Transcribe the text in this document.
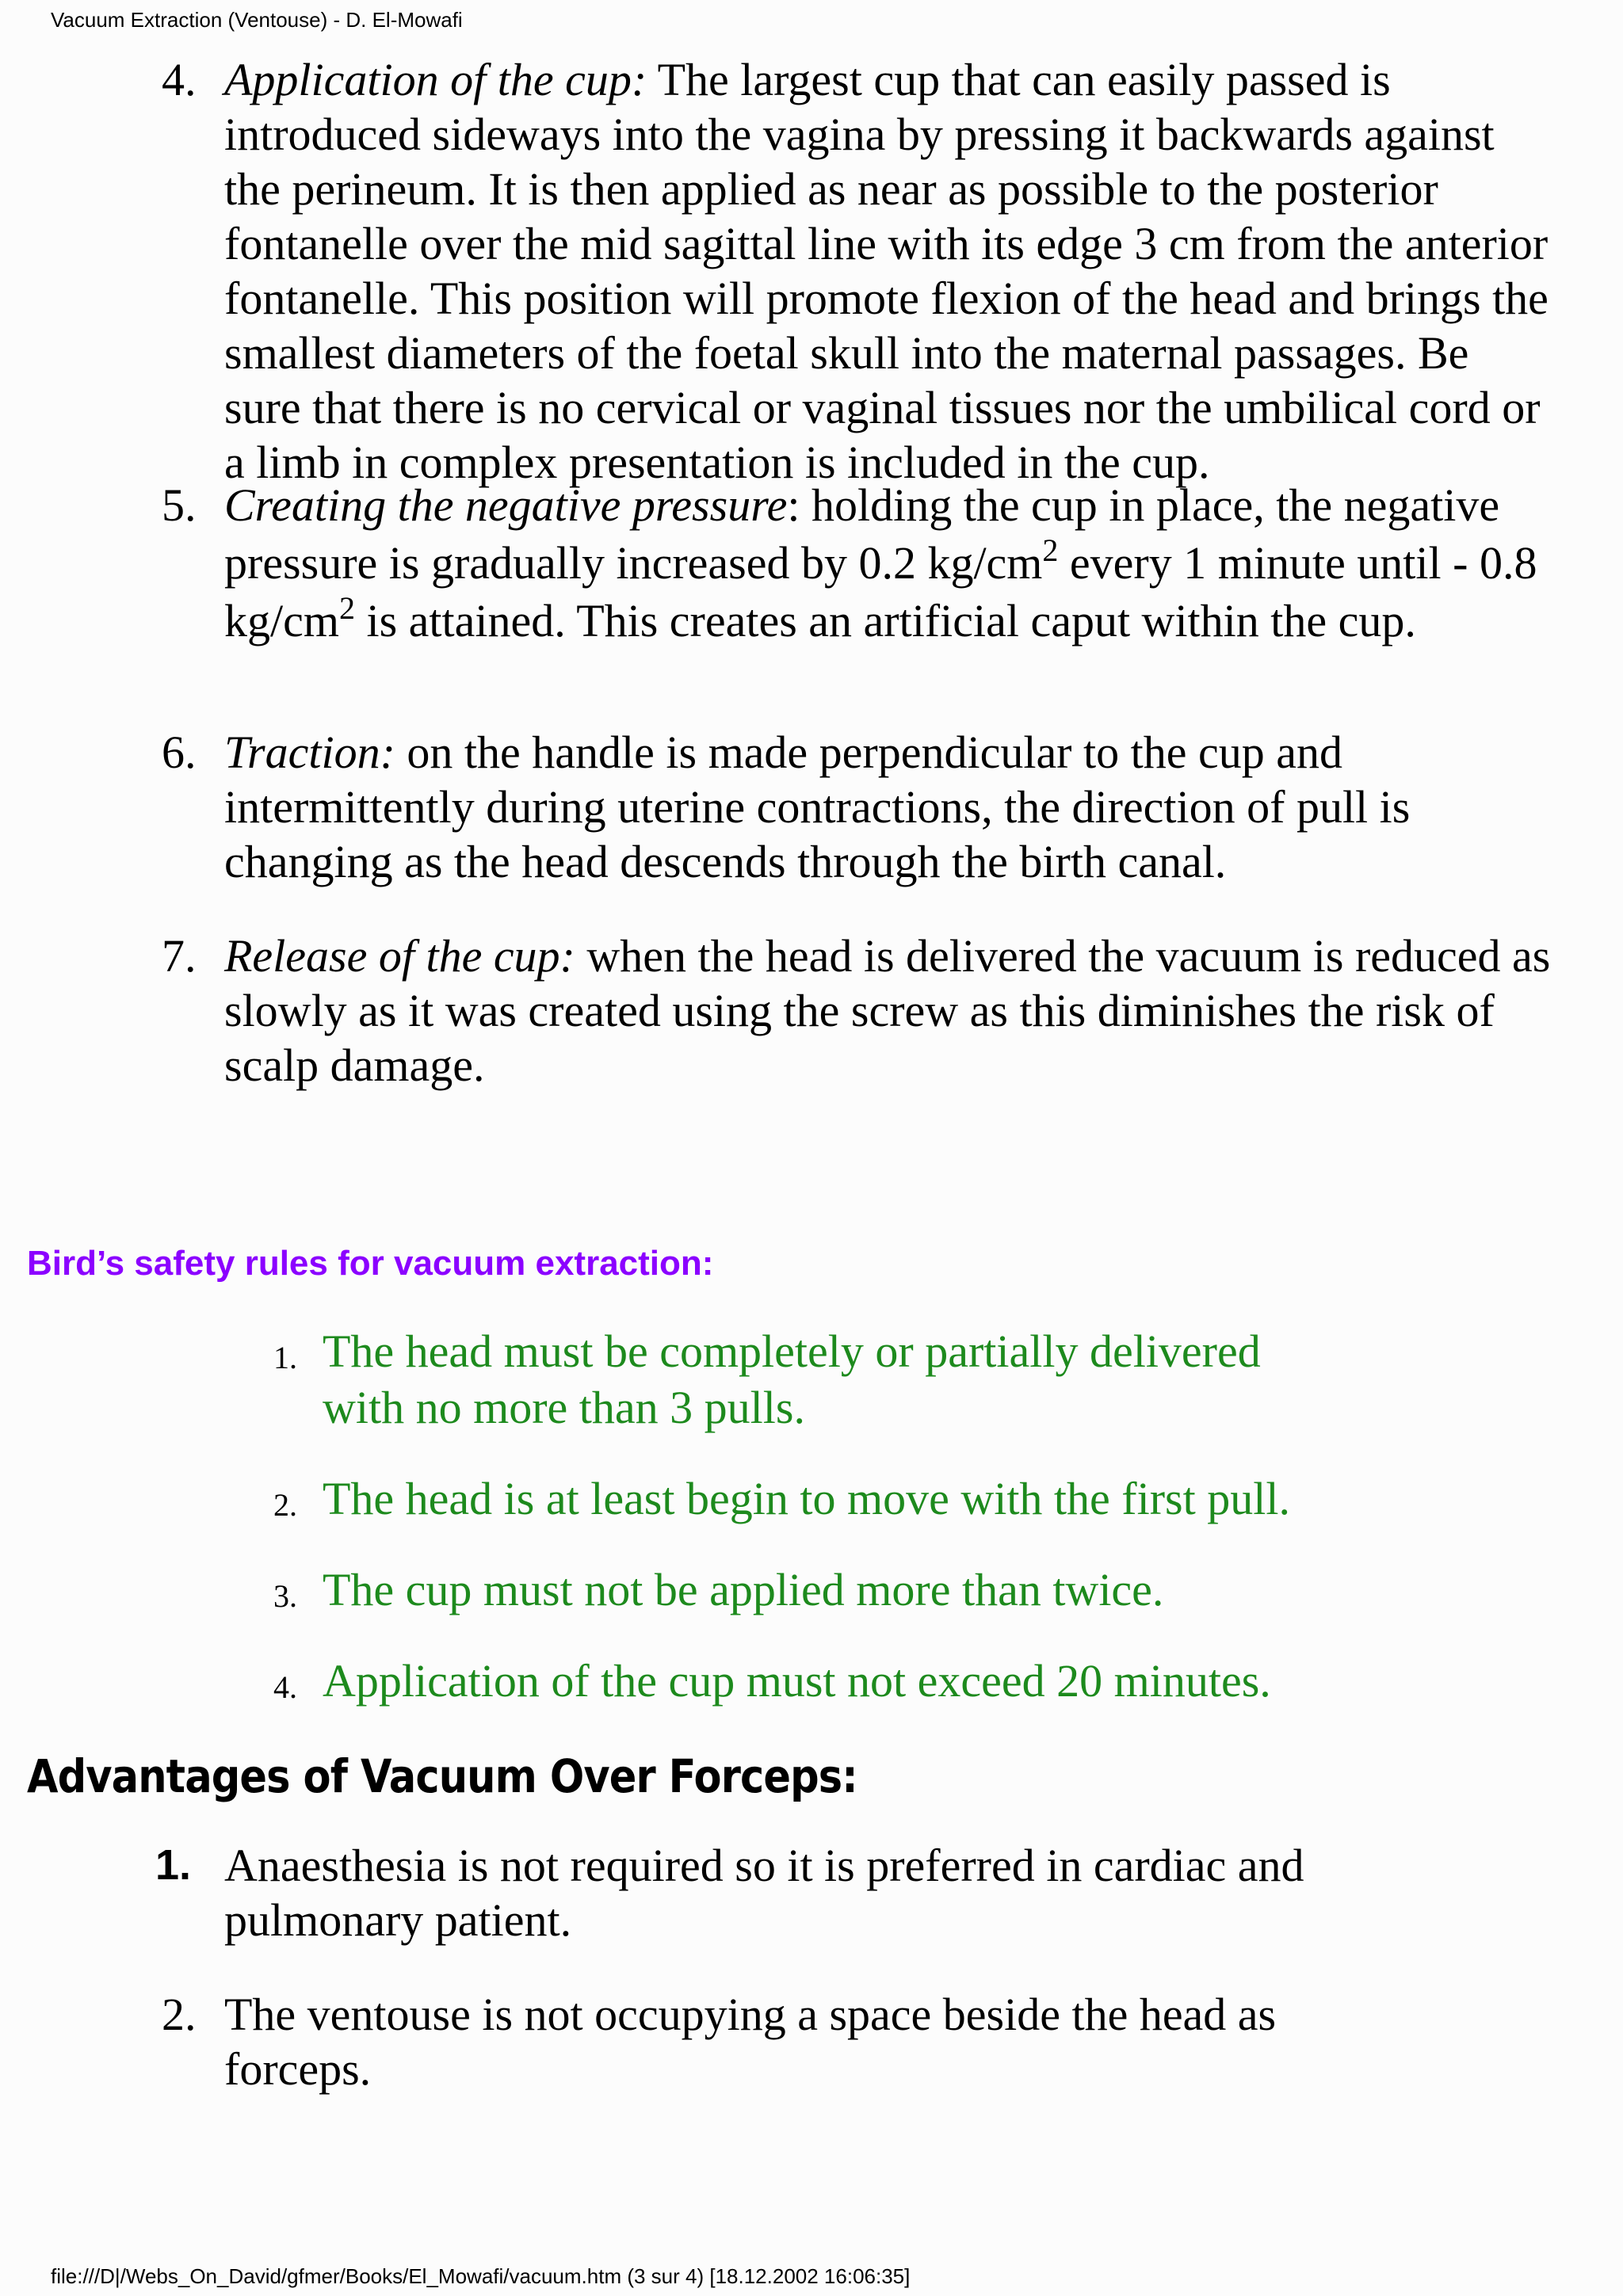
Vacuum Extraction (Ventouse) - D. El-Mowafi
4. Application of the cup: The largest cup that can easily passed is introduced sideways into the vagina by pressing it backwards against the perineum. It is then applied as near as possible to the posterior fontanelle over the mid sagittal line with its edge 3 cm from the anterior fontanelle. This position will promote flexion of the head and brings the smallest diameters of the foetal skull into the maternal passages. Be sure that there is no cervical or vaginal tissues nor the umbilical cord or a limb in complex presentation is included in the cup.
5. Creating the negative pressure: holding the cup in place, the negative pressure is gradually increased by 0.2 $kg/cm^2$ every 1 minute until - 0.8 $kg/cm^2$ is attained. This creates an artificial caput within the cup.
6. Traction: on the handle is made perpendicular to the cup and intermittently during uterine contractions, the direction of pull is changing as the head descends through the birth canal.
7. Release of the cup: when the head is delivered the vacuum is reduced as slowly as it was created using the screw as this diminishes the risk of scalp damage.
Bird’s safety rules for vacuum extraction:
1. The head must be completely or partially delivered with no more than 3 pulls.
2. The head is at least begin to move with the first pull.
3. The cup must not be applied more than twice.
4. Application of the cup must not exceed 20 minutes.
Advantages of Vacuum Over Forceps:
1. Anaesthesia is not required so it is preferred in cardiac and pulmonary patient.
2. The ventouse is not occupying a space beside the head as forceps.
file:///D|/Webs_On_David/gfmer/Books/El_Mowafi/vacuum.htm (3 sur 4) [18.12.2002 16:06:35]
